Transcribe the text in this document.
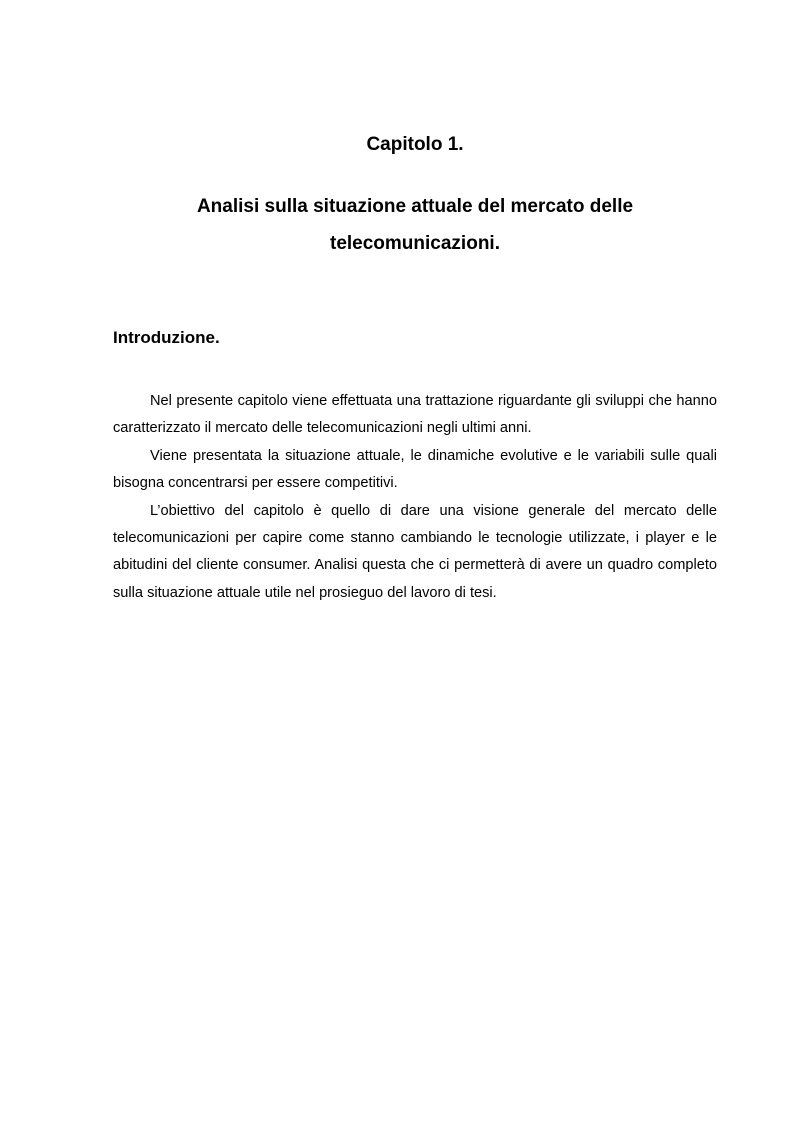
Capitolo 1.
Analisi sulla situazione attuale del mercato delle
telecomunicazioni.
Introduzione.

Nel presente capitolo viene effettuata una trattazione riguardante gli sviluppi che hanno caratterizzato il mercato delle telecomunicazioni negli ultimi anni.

Viene presentata la situazione attuale, le dinamiche evolutive e le variabili sulle quali bisogna concentrarsi per essere competitivi.

L’obiettivo del capitolo è quello di dare una visione generale del mercato delle telecomunicazioni per capire come stanno cambiando le tecnologie utilizzate, i player e le abitudini del cliente consumer. Analisi questa che ci permetterà di avere un quadro completo sulla situazione attuale utile nel prosieguo del lavoro di tesi.
